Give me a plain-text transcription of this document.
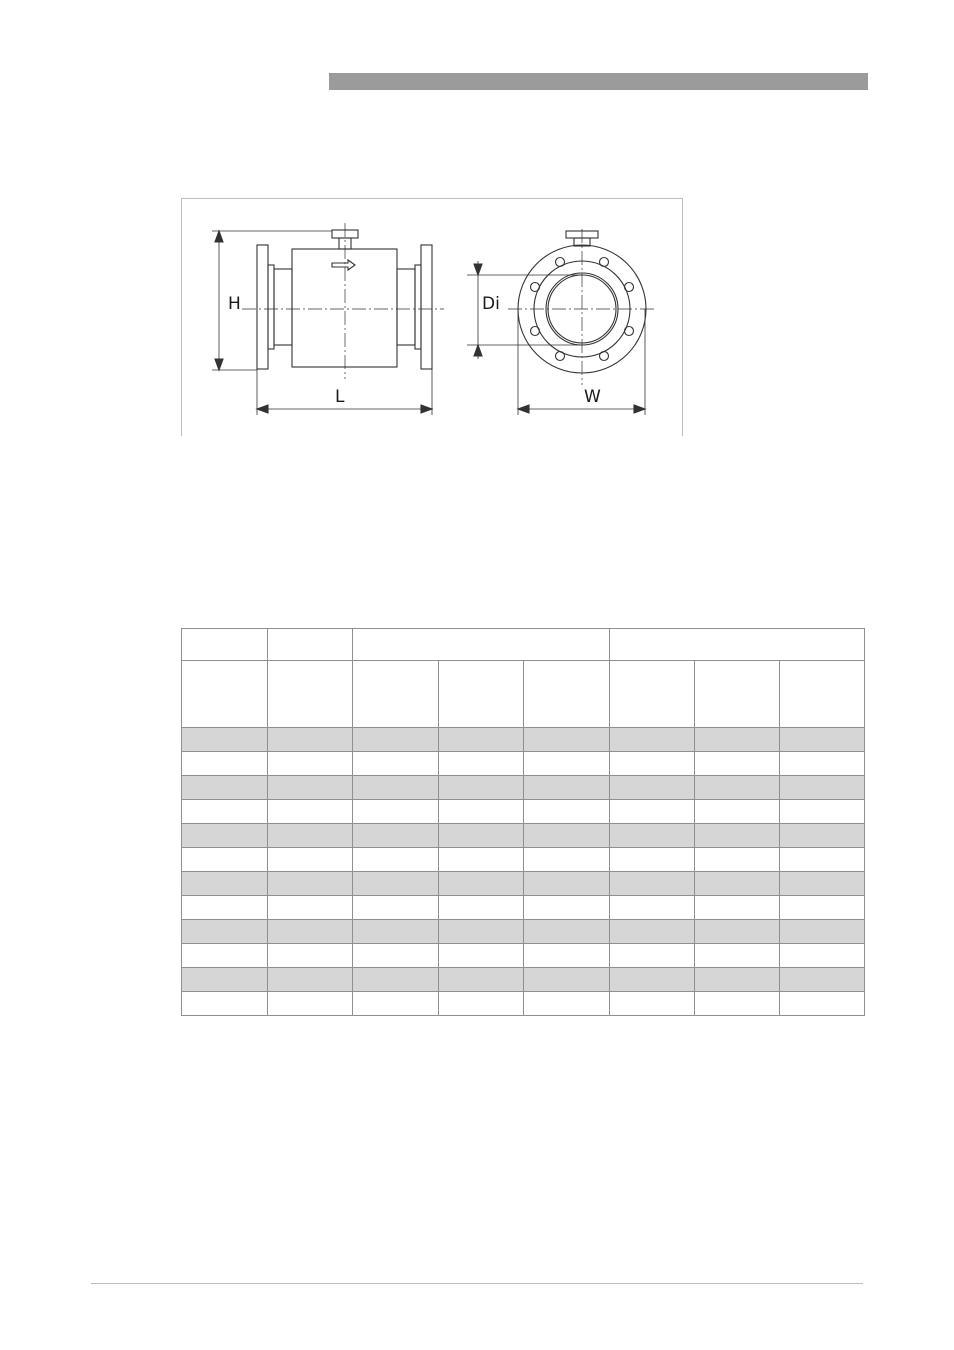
H
L
Di
W
